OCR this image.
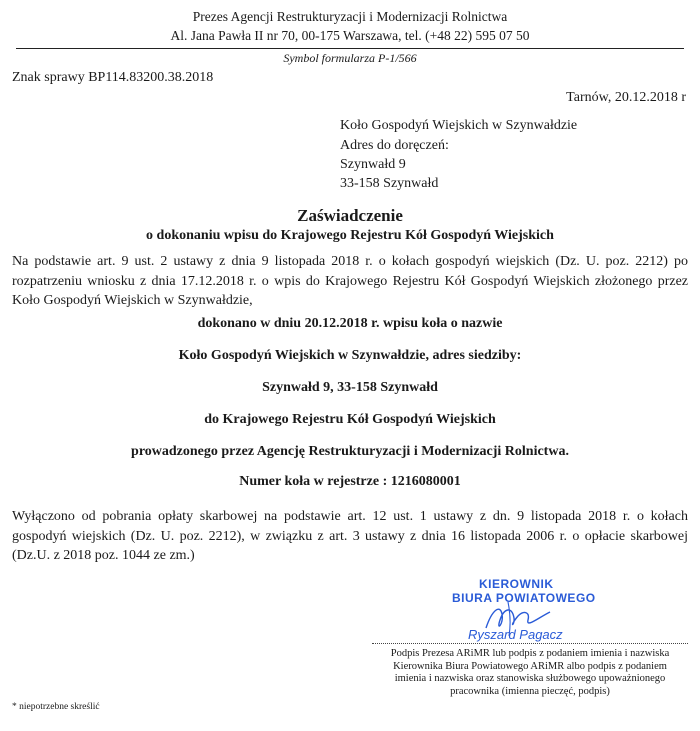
Prezes Agencji Restrukturyzacji i Modernizacji Rolnictwa
Al. Jana Pawła II nr 70, 00-175 Warszawa, tel. (+48 22) 595 07 50
Symbol formularza P-1/566
Znak sprawy BP114.83200.38.2018
Tarnów, 20.12.2018 r
Koło Gospodyń Wiejskich w Szynwałdzie
Adres do doręczeń:
Szynwałd 9
33-158 Szynwałd
Zaświadczenie
o dokonaniu wpisu do Krajowego Rejestru Kół Gospodyń Wiejskich
Na podstawie art. 9 ust. 2 ustawy z dnia 9 listopada 2018 r. o kołach gospodyń wiejskich (Dz. U. poz. 2212) po
rozpatrzeniu wniosku z dnia 17.12.2018 r. o wpis do Krajowego Rejestru Kół Gospodyń Wiejskich złożonego przez
Koło Gospodyń Wiejskich w Szynwałdzie,
dokonano w dniu 20.12.2018 r. wpisu koła o nazwie
Koło Gospodyń Wiejskich w Szynwałdzie, adres siedziby:
Szynwałd 9, 33-158 Szynwałd
do Krajowego Rejestru Kół Gospodyń Wiejskich
prowadzonego przez Agencję Restrukturyzacji i Modernizacji Rolnictwa.
Numer koła w rejestrze : 1216080001
Wyłączono od pobrania opłaty skarbowej na podstawie art. 12 ust. 1 ustawy z dn. 9 listopada 2018 r. o kołach
gospodyń wiejskich (Dz. U. poz. 2212), w związku z art. 3 ustawy z dnia 16 listopada 2006 r. o opłacie skarbowej
(Dz.U. z 2018 poz. 1044 ze zm.)
KIEROWNIK
BIURA POWIATOWEGO
Ryszard Pagacz
Podpis Prezesa ARiMR lub podpis z podaniem imienia i nazwiska
Kierownika Biura Powiatowego ARiMR albo podpis z podaniem
imienia i nazwiska oraz stanowiska służbowego upoważnionego
pracownika (imienna pieczęć, podpis)
* niepotrzebne skreślić
